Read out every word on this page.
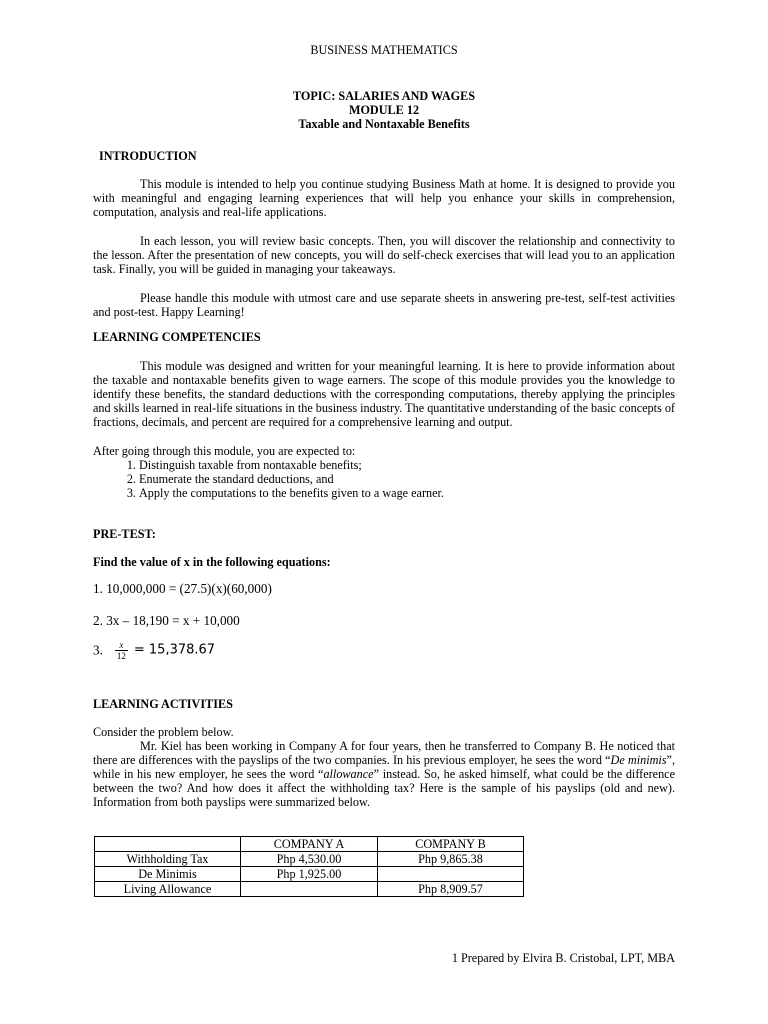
BUSINESS MATHEMATICS
TOPIC: SALARIES AND WAGES
MODULE 12
Taxable and Nontaxable Benefits
INTRODUCTION

This module is intended to help you continue studying Business Math at home. It is designed to provide you with meaningful and engaging learning experiences that will help you enhance your skills in comprehension, computation, analysis and real-life applications.

In each lesson, you will review basic concepts. Then, you will discover the relationship and connectivity to the lesson. After the presentation of new concepts, you will do self-check exercises that will lead you to an application task. Finally, you will be guided in managing your takeaways.

Please handle this module with utmost care and use separate sheets in answering pre-test, self-test activities and post-test. Happy Learning!

LEARNING COMPETENCIES

This module was designed and written for your meaningful learning. It is here to provide information about the taxable and nontaxable benefits given to wage earners. The scope of this module provides you the knowledge to identify these benefits, the standard deductions with the corresponding computations, thereby applying the principles and skills learned in real-life situations in the business industry. The quantitative understanding of the basic concepts of fractions, decimals, and percent are required for a comprehensive learning and output.

After going through this module, you are expected to:

1. Distinguish taxable from nontaxable benefits;
2. Enumerate the standard deductions, and
3. Apply the computations to the benefits given to a wage earner.
PRE-TEST:
Find the value of x in the following equations:
1. 10,000,000 = (27.5)(x)(60,000)
2. 3x – 18,190 = x + 10,000
3. $\frac{x}{12} = 15,378.67$
LEARNING ACTIVITIES

Consider the problem below.

Mr. Kiel has been working in Company A for four years, then he transferred to Company B. He noticed that there are differences with the payslips of the two companies. In his previous employer, he sees the word “De minimis”, while in his new employer, he sees the word “allowance” instead. So, he asked himself, what could be the difference between the two? And how does it affect the withholding tax? Here is the sample of his payslips (old and new). Information from both payslips were summarized below.

	COMPANY A	COMPANY B
Withholding Tax	Php 4,530.00	Php 9,865.38
De Minimis	Php 1,925.00	
Living Allowance		Php 8,909.57
1 Prepared by Elvira B. Cristobal, LPT, MBA
